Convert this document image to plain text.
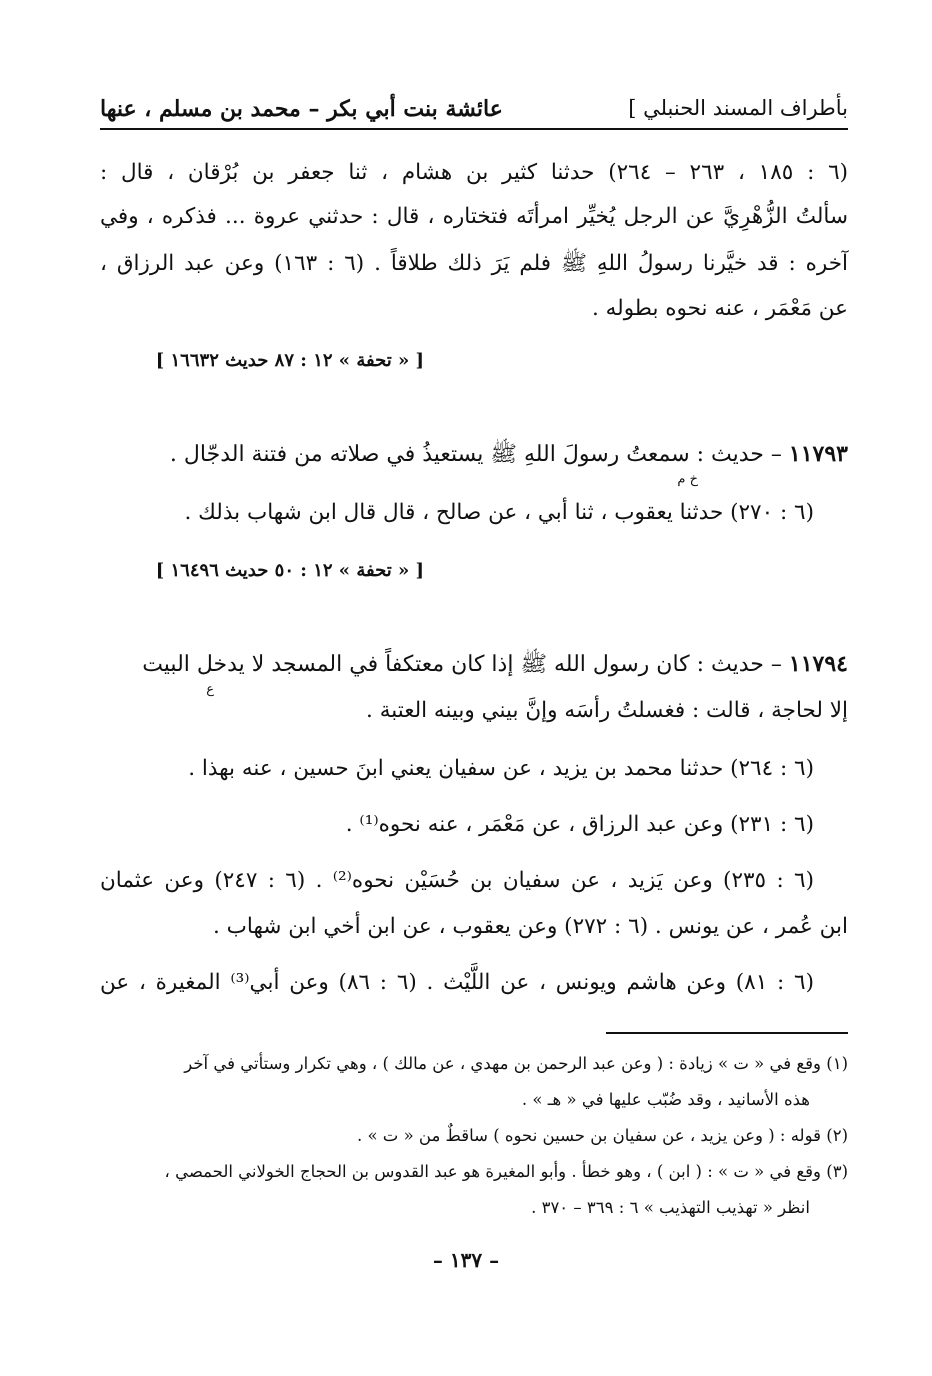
بأطراف المسند الحنبلي ]
عائشة بنت أبي بكر – محمد بن مسلم ، عنها
(٦ : ١٨٥ ، ٢٦٣ – ٢٦٤) حدثنا كثير بن هشام ، ثنا جعفر بن بُرْقان ، قال :
سألتُ الزُّهْرِيَّ عن الرجل يُخيِّر امرأتَه فتختاره ، قال : حدثني عروة ... فذكره ، وفي
آخره : قد خيَّرنا رسولُ اللهِ ﷺ فلم يَرَ ذلك طلاقاً . (٦ : ١٦٣) وعن عبد الرزاق ،
عن مَعْمَر ، عنه نحوه بطوله .
[ « تحفة » ١٢ : ٨٧ حديث ١٦٦٣٢ ]
١١٧٩٣ – حديث : سمعتُ رسولَ اللهِ ﷺ يستعيذُ في صلاته من فتنة الدجّال .
خ م
(٦ : ٢٧٠) حدثنا يعقوب ، ثنا أبي ، عن صالح ، قال قال ابن شهاب بذلك .
[ « تحفة » ١٢ : ٥٠ حديث ١٦٤٩٦ ]
١١٧٩٤ – حديث : كان رسول الله ﷺ إذا كان معتكفاً في المسجد لا يدخل البيت
ع
إلا لحاجة ، قالت : فغسلتُ رأسَه وإنَّ بيني وبينه العتبة .
(٦ : ٢٦٤) حدثنا محمد بن يزيد ، عن سفيان يعني ابنَ حسين ، عنه بهذا .
(٦ : ٢٣١) وعن عبد الرزاق ، عن مَعْمَر ، عنه نحوه⁽¹⁾ .
(٦ : ٢٣٥) وعن يَزيد ، عن سفيان بن حُسَيْن نحوه⁽²⁾ . (٦ : ٢٤٧) وعن عثمان
ابن عُمر ، عن يونس . (٦ : ٢٧٢) وعن يعقوب ، عن ابن أخي ابن شهاب .
(٦ : ٨١) وعن هاشم ويونس ، عن اللَّيْث . (٦ : ٨٦) وعن أبي⁽³⁾ المغيرة ، عن
(١) وقع في « ت » زيادة : ( وعن عبد الرحمن بن مهدي ، عن مالك ) ، وهي تكرار وستأتي في آخر
هذه الأسانيد ، وقد ضُبّب عليها في « هـ » .
(٢) قوله : ( وعن يزيد ، عن سفيان بن حسين نحوه ) ساقطٌ من « ت » .
(٣) وقع في « ت » : ( ابن ) ، وهو خطأ . وأبو المغيرة هو عبد القدوس بن الحجاج الخولاني الحمصي ،
انظر « تهذيب التهذيب » ٦ : ٣٦٩ – ٣٧٠ .
– ١٣٧ –
